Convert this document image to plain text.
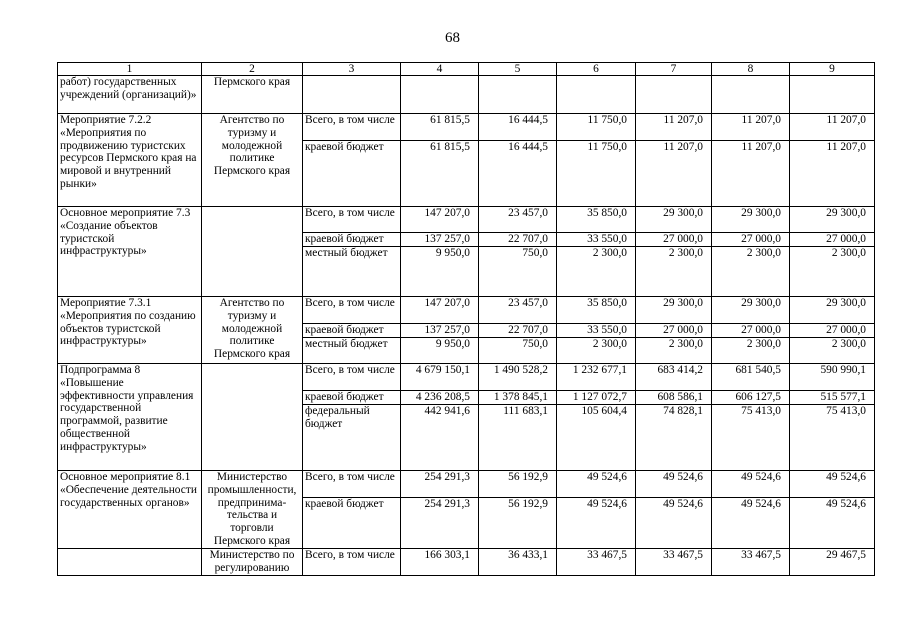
68
1	2	3	4	5	6	7	8	9
работ) государственных учреждений (организаций)»	Пермского края							
Мероприятие 7.2.2 «Мероприятия по продвижению туристских ресурсов Пермского края на мировой и внутренний рынки»	Агентство по туризму и молодежной политике Пермского края	Всего, в том числе	61 815,5	16 444,5	11 750,0	11 207,0	11 207,0	11 207,0
		краевой бюджет	61 815,5	16 444,5	11 750,0	11 207,0	11 207,0	11 207,0
Основное мероприятие 7.3 «Создание объектов туристской инфраструктуры»		Всего, в том числе	147 207,0	23 457,0	35 850,0	29 300,0	29 300,0	29 300,0
		краевой бюджет	137 257,0	22 707,0	33 550,0	27 000,0	27 000,0	27 000,0
		местный бюджет	9 950,0	750,0	2 300,0	2 300,0	2 300,0	2 300,0
Мероприятие 7.3.1 «Мероприятия по созданию объектов туристской инфраструктуры»	Агентство по туризму и молодежной политике Пермского края	Всего, в том числе	147 207,0	23 457,0	35 850,0	29 300,0	29 300,0	29 300,0
		краевой бюджет	137 257,0	22 707,0	33 550,0	27 000,0	27 000,0	27 000,0
		местный бюджет	9 950,0	750,0	2 300,0	2 300,0	2 300,0	2 300,0
Подпрограмма 8 «Повышение эффективности управления государственной программой, развитие общественной инфраструктуры»		Всего, в том числе	4 679 150,1	1 490 528,2	1 232 677,1	683 414,2	681 540,5	590 990,1
		краевой бюджет	4 236 208,5	1 378 845,1	1 127 072,7	608 586,1	606 127,5	515 577,1
		федеральный бюджет	442 941,6	111 683,1	105 604,4	74 828,1	75 413,0	75 413,0
Основное мероприятие 8.1 «Обеспечение деятельности государственных органов»	Министерство промышленности, предпринима-тельства и торговли Пермского края	Всего, в том числе	254 291,3	56 192,9	49 524,6	49 524,6	49 524,6	49 524,6
		краевой бюджет	254 291,3	56 192,9	49 524,6	49 524,6	49 524,6	49 524,6
	Министерство по регулированию	Всего, в том числе	166 303,1	36 433,1	33 467,5	33 467,5	33 467,5	29 467,5
